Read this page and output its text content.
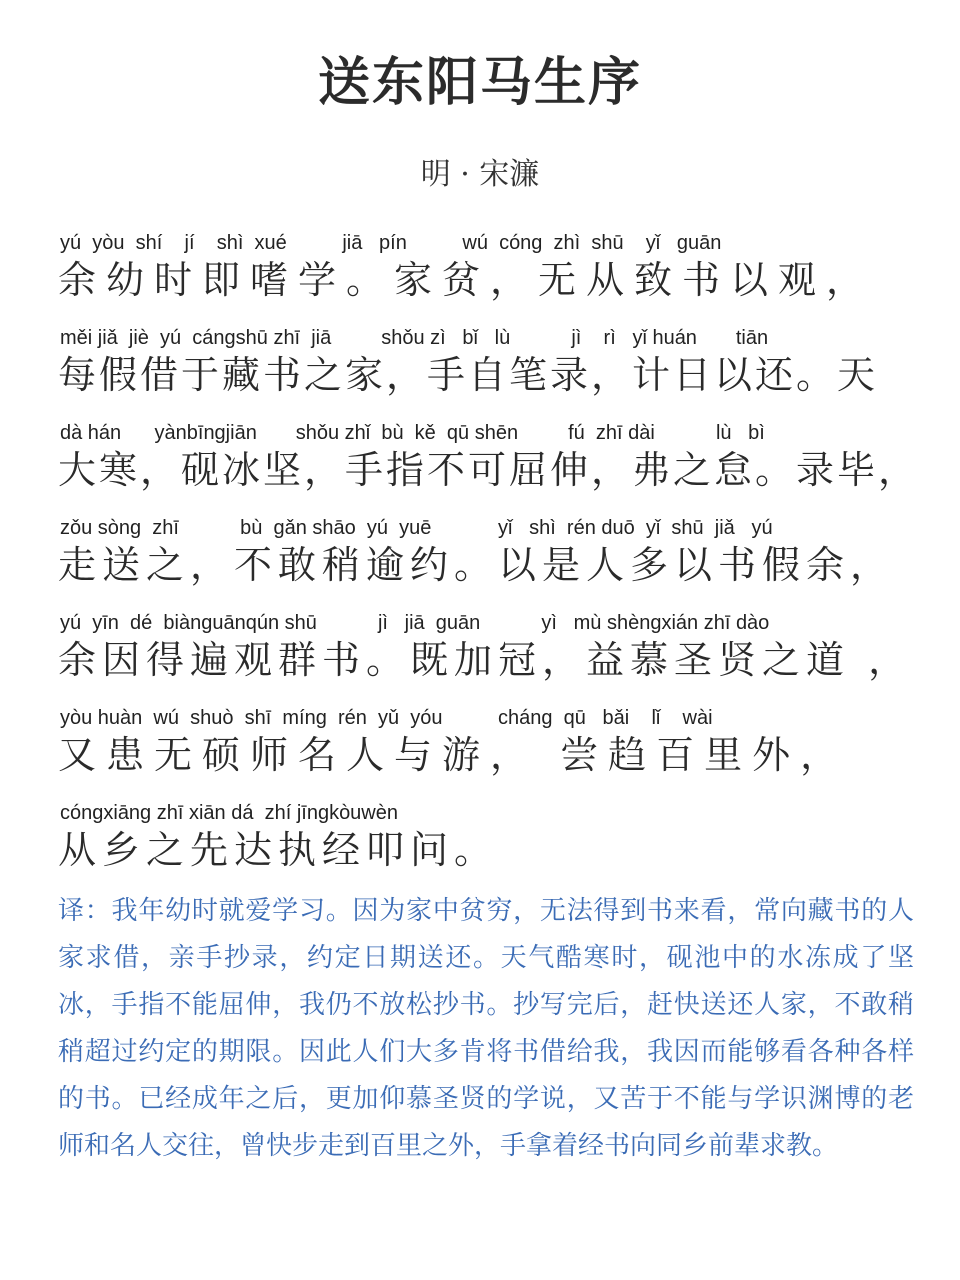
送东阳马生序
明 · 宋濂
yú  yòu  shí    jí    shì  xué          jiā   pín          wú  cóng  zhì  shū    yǐ   guān
余幼时即嗜学。家贫，无从致书以观，
měi jiǎ  jiè  yú  cángshū zhī  jiā         shǒu zì   bǐ   lù           jì    rì   yǐ huán       tiān
每假借于藏书之家，手自笔录，计日以还。天
dà hán      yànbīngjiān       shǒu zhǐ  bù  kě  qū shēn         fú  zhī dài           lù   bì
大寒，砚冰坚，手指不可屈伸，弗之怠。录毕，
zǒu sòng  zhī           bù  gǎn shāo  yú  yuē            yǐ   shì  rén duō  yǐ  shū  jiǎ   yú
走送之，不敢稍逾约。以是人多以书假余，
yú  yīn  dé  biànguānqún shū           jì   jiā  guān           yì   mù shèngxián zhī dào
余因得遍观群书。既加冠，益慕圣贤之道 ，
yòu huàn  wú  shuò  shī  míng  rén  yǔ  yóu          cháng  qū   bǎi    lǐ    wài
又患无硕师名人与游， 尝趋百里外，
cóngxiāng zhī xiān dá  zhí jīngkòuwèn
从乡之先达执经叩问。
译：我年幼时就爱学习。因为家中贫穷，无法得到书来看，常向藏书的人家求借，亲手抄录，约定日期送还。天气酷寒时，砚池中的水冻成了坚冰，手指不能屈伸，我仍不放松抄书。抄写完后，赶快送还人家，不敢稍稍超过约定的期限。因此人们大多肯将书借给我，我因而能够看各种各样的书。已经成年之后，更加仰慕圣贤的学说，又苦于不能与学识渊博的老师和名人交往，曾快步走到百里之外，手拿着经书向同乡前辈求教。
